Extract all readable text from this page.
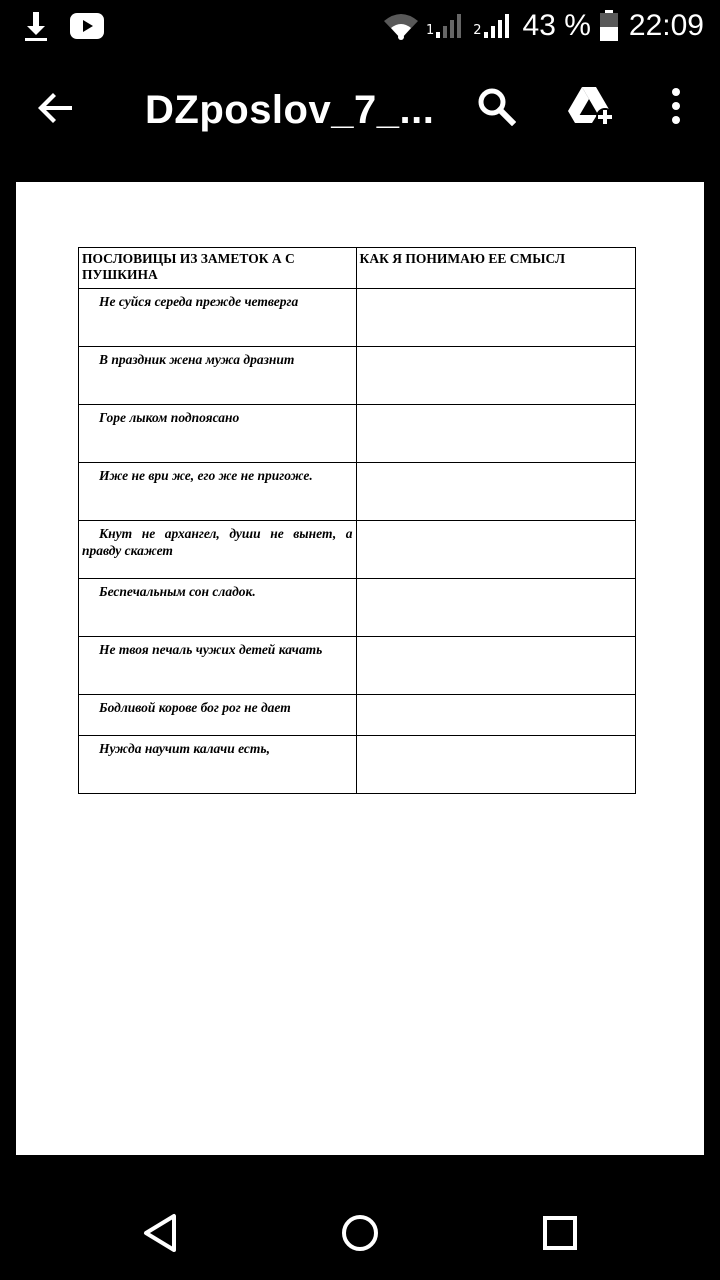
1	2 43 % 22:09
DZposlov_7_...
ПОСЛОВИЦЫ ИЗ ЗАМЕТОК А С ПУШКИНА	КАК Я ПОНИМАЮ ЕЕ СМЫСЛ
Не суйся середа прежде четверга	
В праздник жена мужа дразнит	
Горе лыком подпоясано	
Иже не ври же, его же не пригоже.	
Кнут не архангел, души не вынет, а правду скажет	
Беспечальным сон сладок.	
Не твоя печаль чужих детей качать	
Бодливой корове бог рог не дает	
Нужда научит калачи есть,	
